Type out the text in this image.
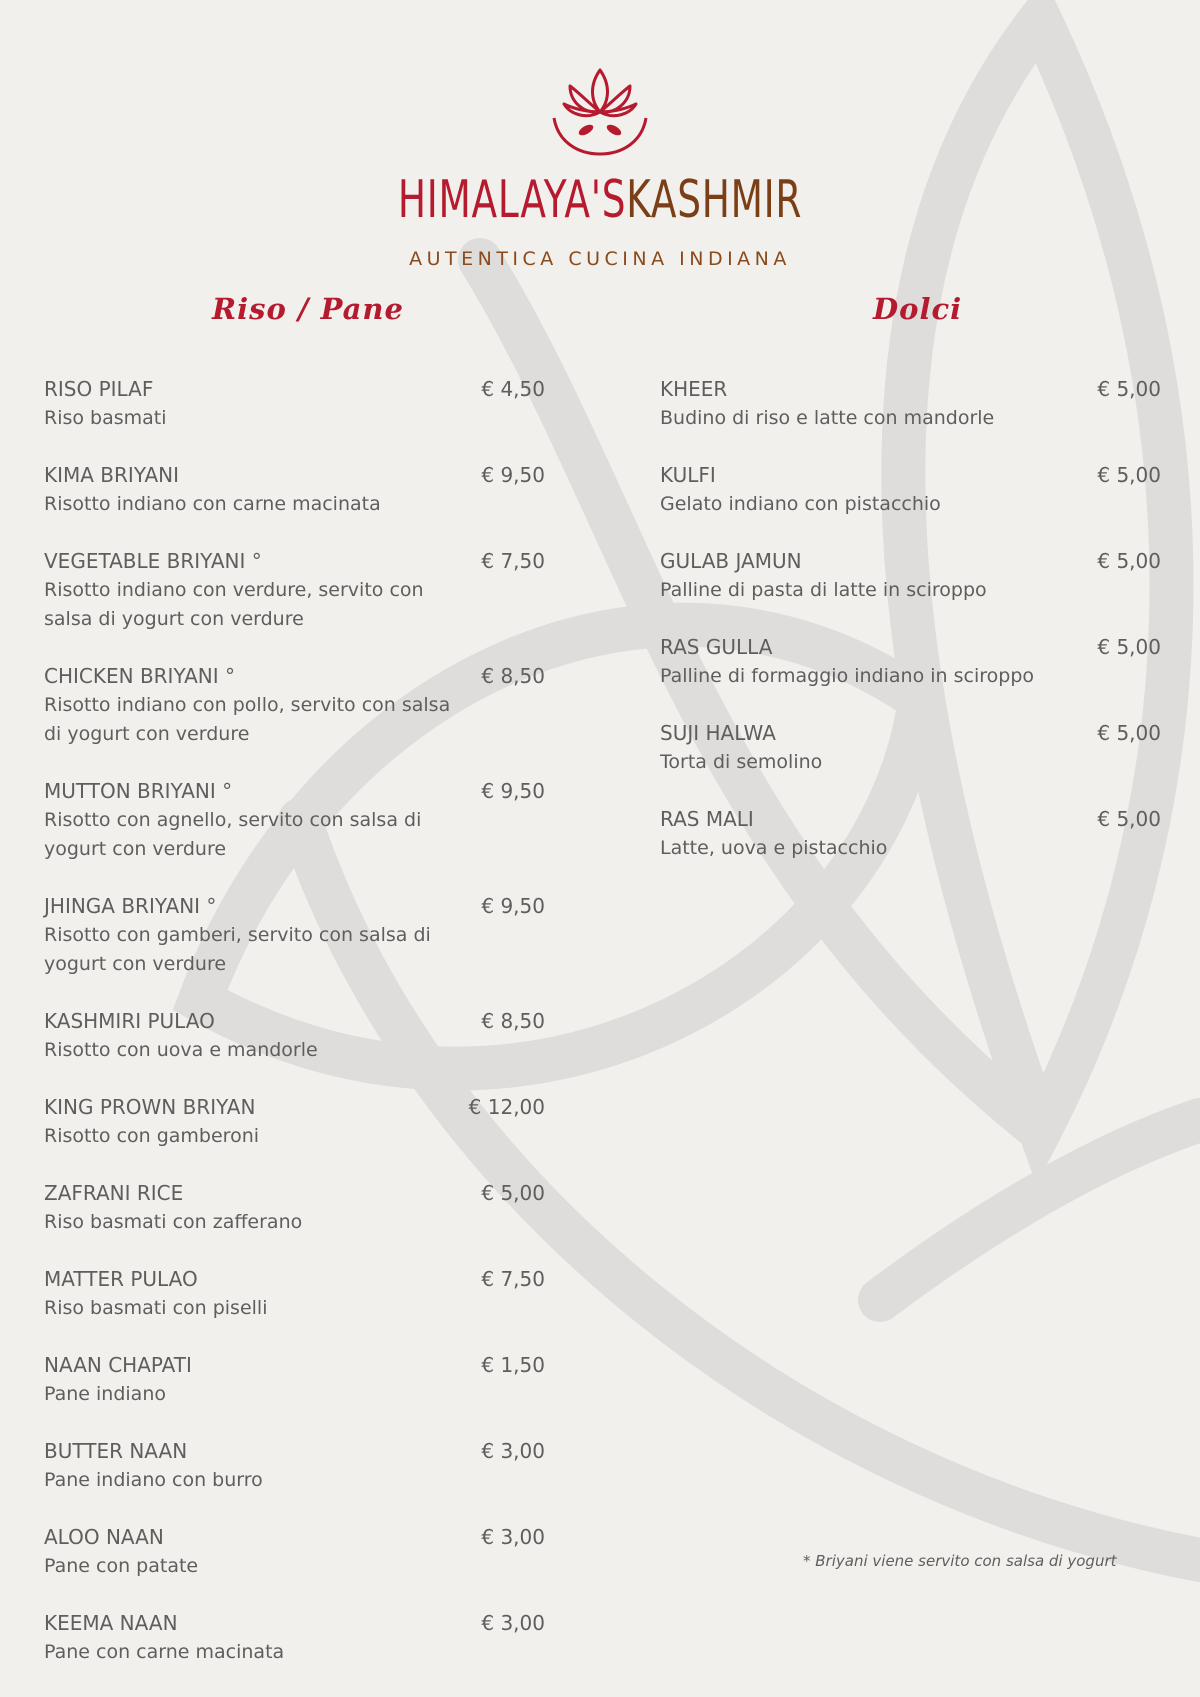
HIMALAYA'SKASHMIR
AUTENTICA CUCINA INDIANA
Riso / Pane	Dolci
RISO PILAF	€ 4,50
Riso basmati
KIMA BRIYANI	€ 9,50
Risotto indiano con carne macinata
VEGETABLE BRIYANI °	€ 7,50
Risotto indiano con verdure, servito con salsa di yogurt con verdure
CHICKEN BRIYANI °	€ 8,50
Risotto indiano con pollo, servito con salsa di yogurt con verdure
MUTTON BRIYANI °	€ 9,50
Risotto con agnello, servito con salsa di yogurt con verdure
JHINGA BRIYANI °	€ 9,50
Risotto con gamberi, servito con salsa di yogurt con verdure
KASHMIRI PULAO	€ 8,50
Risotto con uova e mandorle
KING PROWN BRIYAN	€ 12,00
Risotto con gamberoni
ZAFRANI RICE	€ 5,00
Riso basmati con zafferano
MATTER PULAO	€ 7,50
Riso basmati con piselli
NAAN CHAPATI	€ 1,50
Pane indiano
BUTTER NAAN	€ 3,00
Pane indiano con burro
ALOO NAAN	€ 3,00
Pane con patate
KEEMA NAAN	€ 3,00
Pane con carne macinata
KHEER	€ 5,00
Budino di riso e latte con mandorle
KULFI	€ 5,00
Gelato indiano con pistacchio
GULAB JAMUN	€ 5,00
Palline di pasta di latte in sciroppo
RAS GULLA	€ 5,00
Palline di formaggio indiano in sciroppo
SUJI HALWA	€ 5,00
Torta di semolino
RAS MALI	€ 5,00
Latte, uova e pistacchio
* Briyani viene servito con salsa di yogurt
